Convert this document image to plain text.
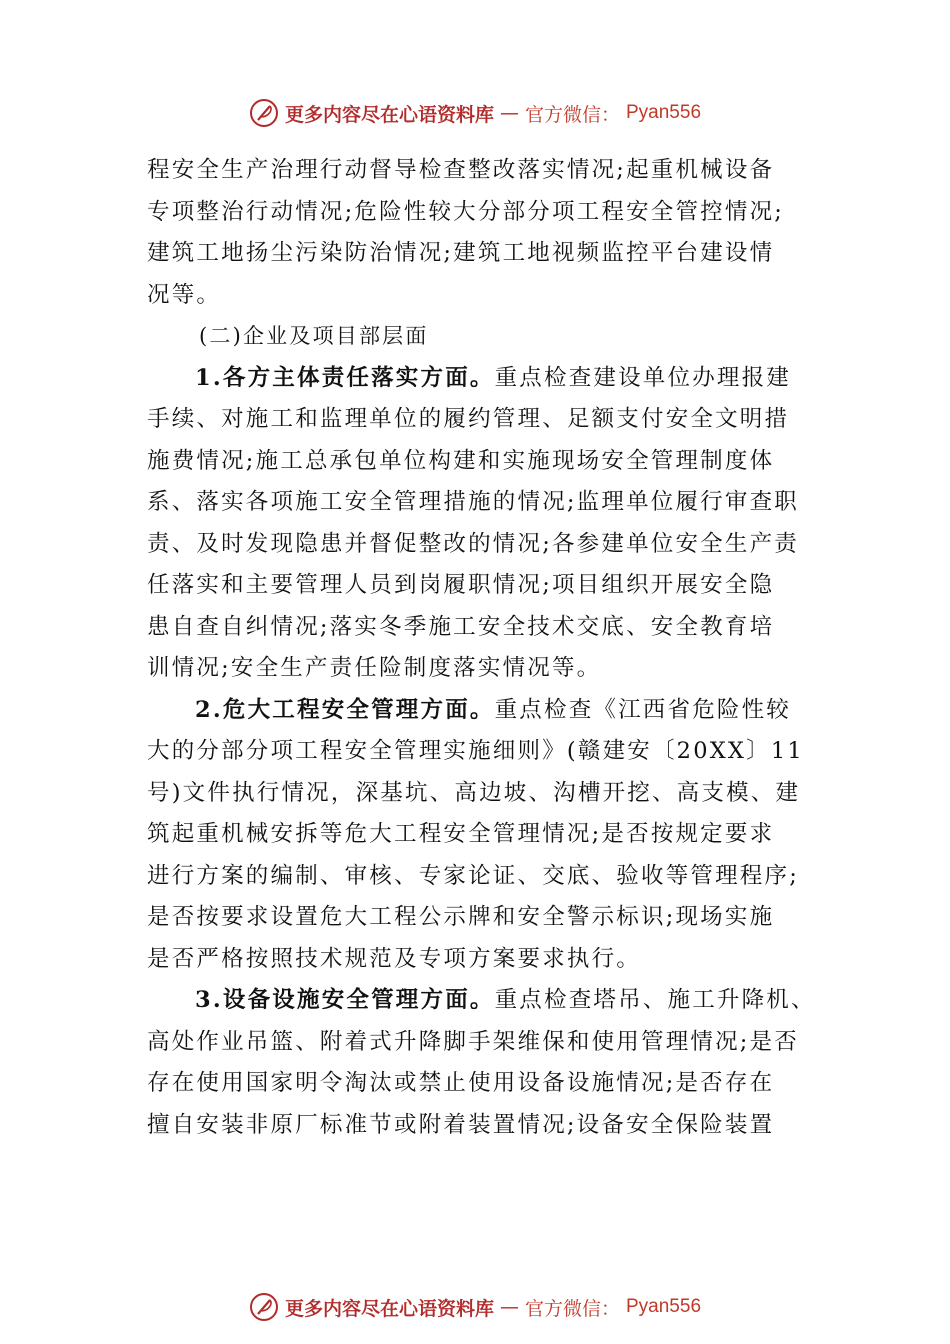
更多内容尽在心语资料库 — 官方微信： Pyan556
程安全生产治理行动督导检查整改落实情况;起重机械设备
专项整治行动情况;危险性较大分部分项工程安全管控情况;
建筑工地扬尘污染防治情况;建筑工地视频监控平台建设情
况等。
(二)企业及项目部层面
1.各方主体责任落实方面。重点检查建设单位办理报建
手续、对施工和监理单位的履约管理、足额支付安全文明措
施费情况;施工总承包单位构建和实施现场安全管理制度体
系、落实各项施工安全管理措施的情况;监理单位履行审查职
责、及时发现隐患并督促整改的情况;各参建单位安全生产责
任落实和主要管理人员到岗履职情况;项目组织开展安全隐
患自查自纠情况;落实冬季施工安全技术交底、安全教育培
训情况;安全生产责任险制度落实情况等。
2.危大工程安全管理方面。重点检查《江西省危险性较
大的分部分项工程安全管理实施细则》(赣建安〔20XX〕11
号)文件执行情况，深基坑、高边坡、沟槽开挖、高支模、建
筑起重机械安拆等危大工程安全管理情况;是否按规定要求
进行方案的编制、审核、专家论证、交底、验收等管理程序;
是否按要求设置危大工程公示牌和安全警示标识;现场实施
是否严格按照技术规范及专项方案要求执行。
3.设备设施安全管理方面。重点检查塔吊、施工升降机、
高处作业吊篮、附着式升降脚手架维保和使用管理情况;是否
存在使用国家明令淘汰或禁止使用设备设施情况;是否存在
擅自安装非原厂标准节或附着装置情况;设备安全保险装置
更多内容尽在心语资料库 — 官方微信： Pyan556
